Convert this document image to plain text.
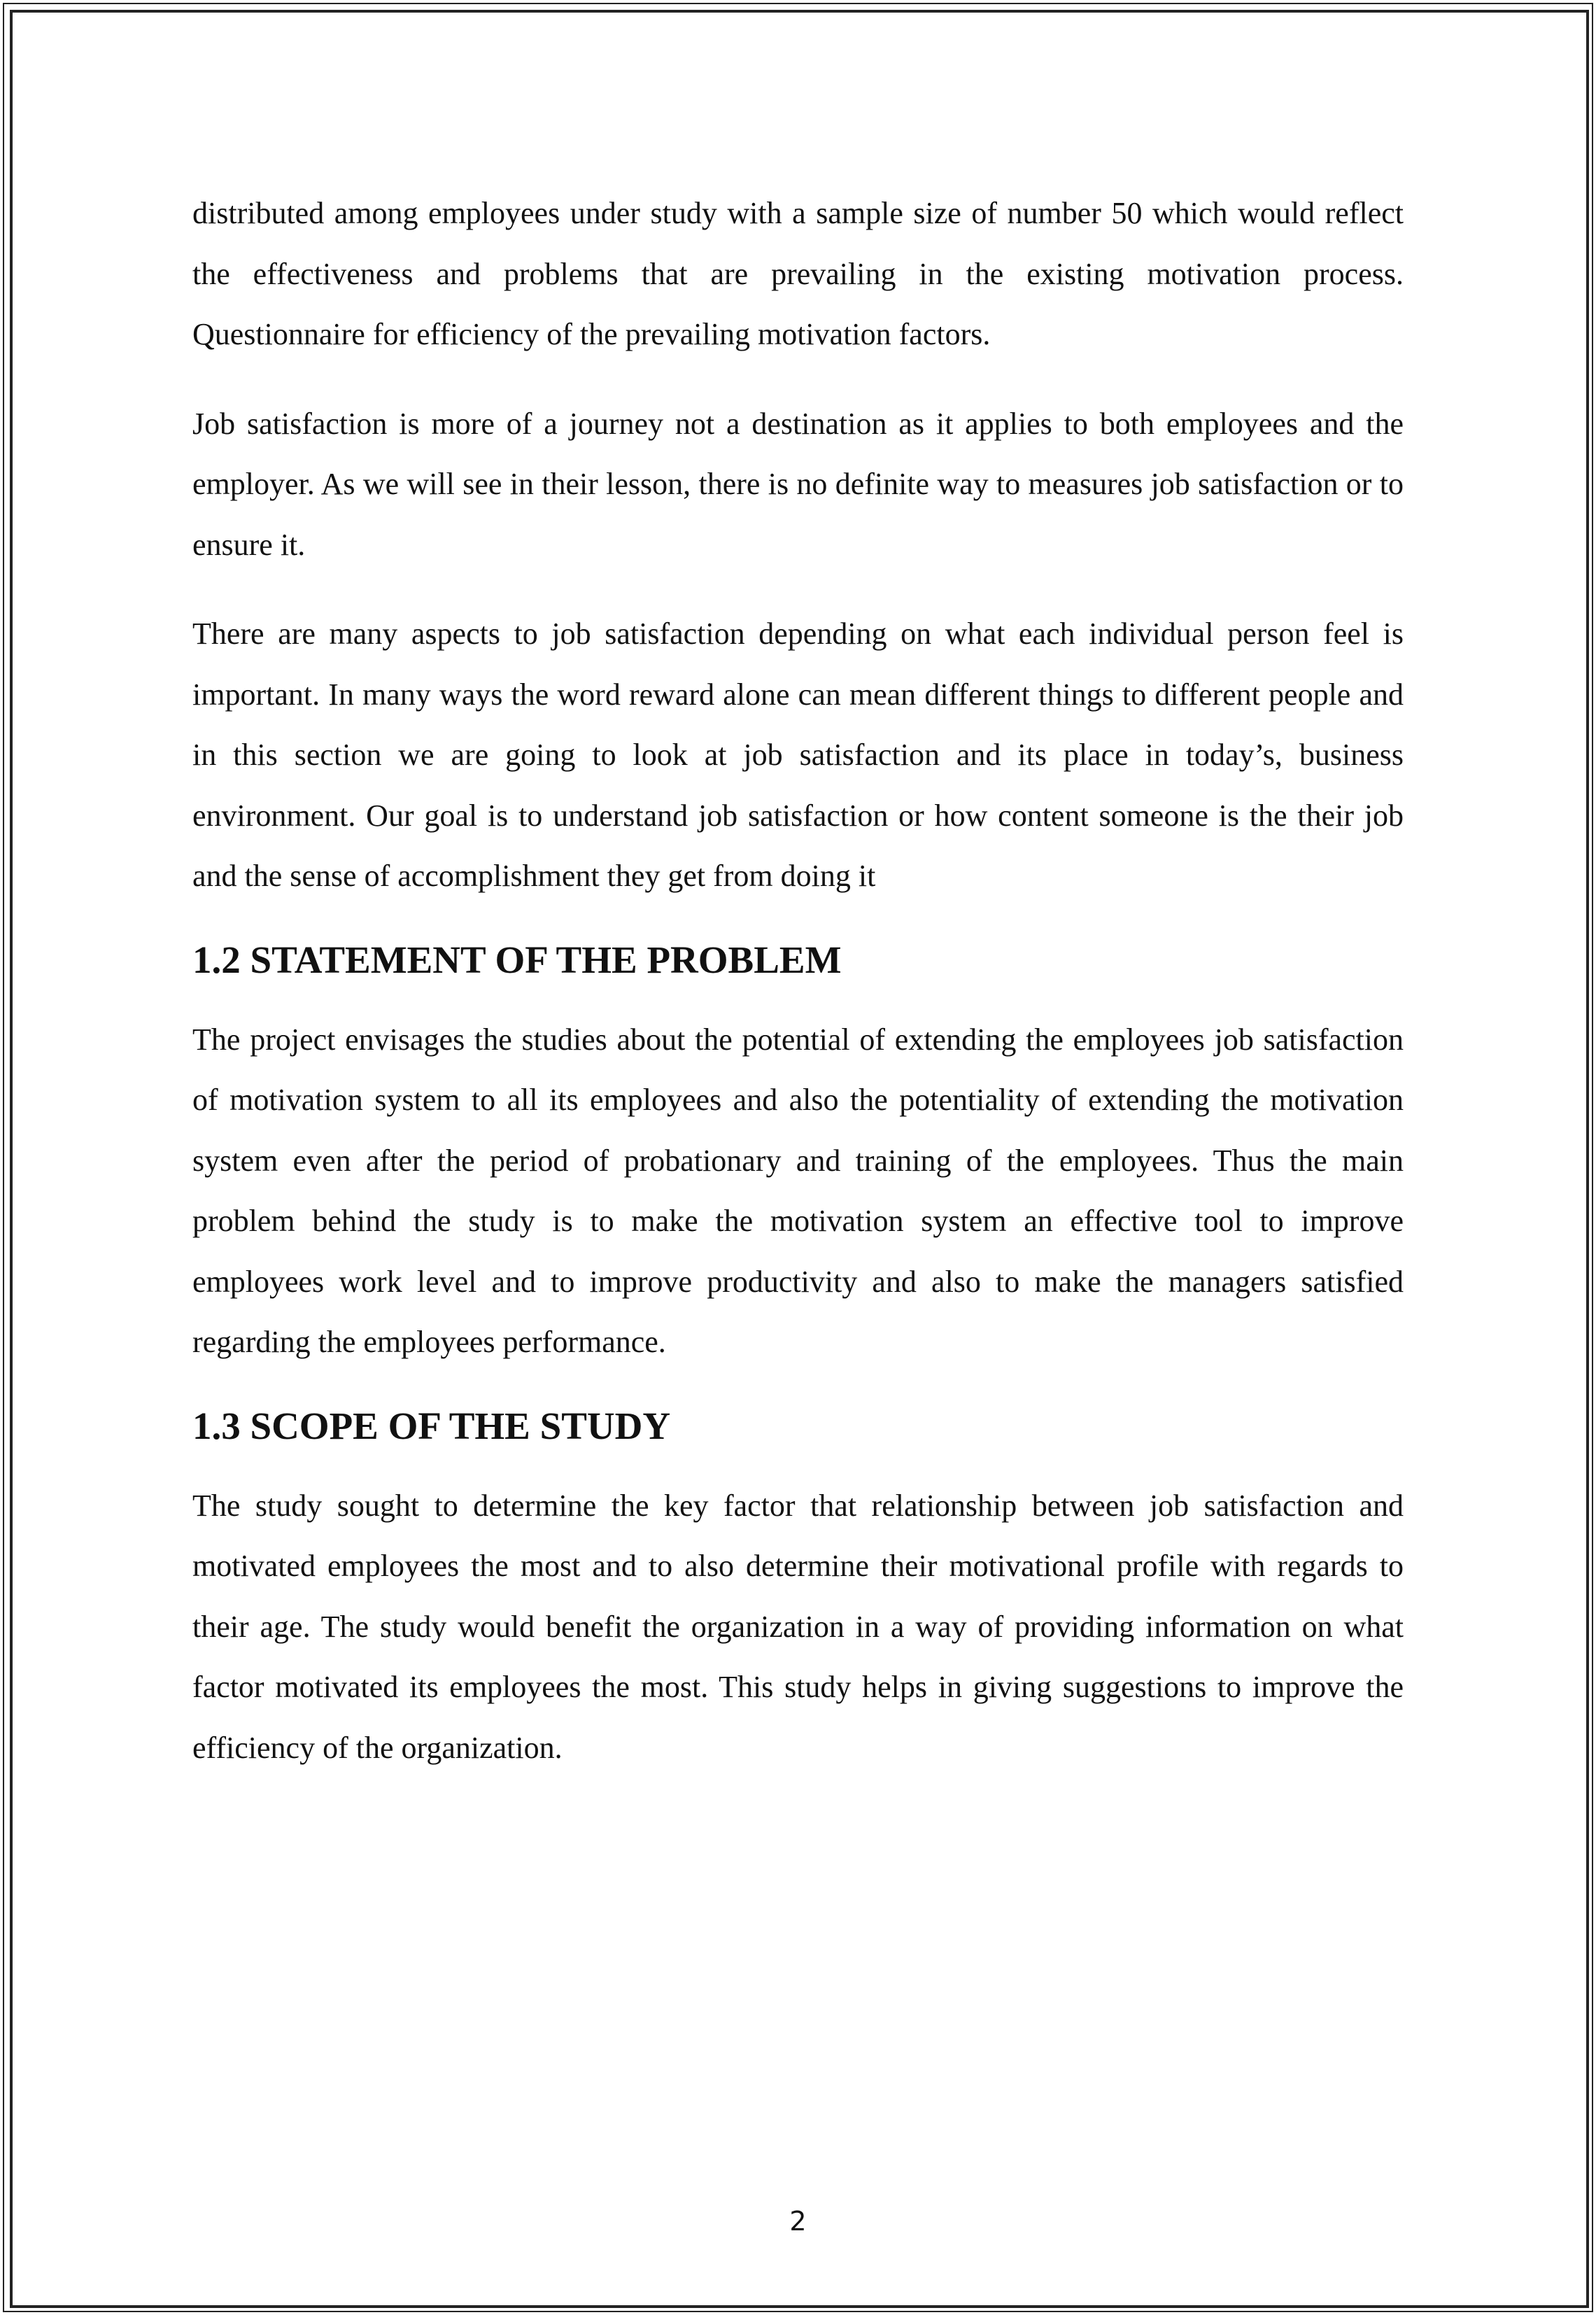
distributed among employees under study with a sample size of number 50 which would reflect the effectiveness and problems that are prevailing in the existing motivation process. Questionnaire for efficiency of the prevailing motivation factors.

Job satisfaction is more of a journey not a destination as it applies to both employees and the employer. As we will see in their lesson, there is no definite way to measures job satisfaction or to ensure it.

There are many aspects to job satisfaction depending on what each individual person feel is important. In many ways the word reward alone can mean different things to different people and in this section we are going to look at job satisfaction and its place in today’s, business environment. Our goal is to understand job satisfaction or how content someone is the their job and the sense of accomplishment they get from doing it

1.2 STATEMENT OF THE PROBLEM

The project envisages the studies about the potential of extending the employees job satisfaction of motivation system to all its employees and also the potentiality of extending the motivation system even after the period of probationary and training of the employees. Thus the main problem behind the study is to make the motivation system an effective tool to improve employees work level and to improve productivity and also to make the managers satisfied regarding the employees performance.

1.3 SCOPE OF THE STUDY

The study sought to determine the key factor that relationship between job satisfaction and motivated employees the most and to also determine their motivational profile with regards to their age. The study would benefit the organization in a way of providing information on what factor motivated its employees the most. This study helps in giving suggestions to improve the efficiency of the organization.

2
